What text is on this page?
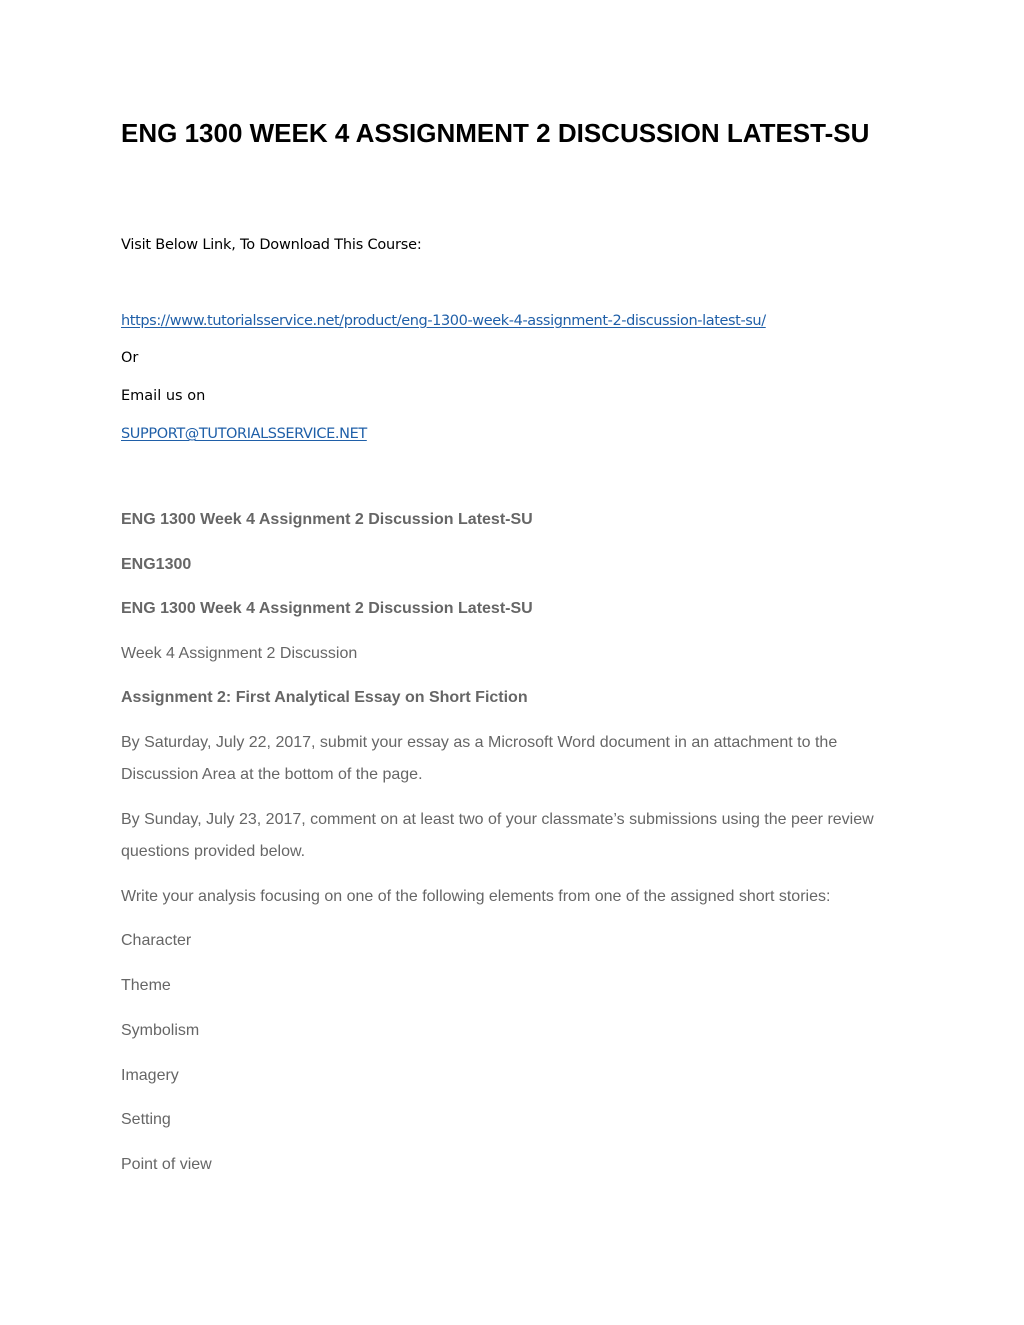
ENG 1300 WEEK 4 ASSIGNMENT 2 DISCUSSION LATEST-SU

Visit Below Link, To Download This Course:

https://www.tutorialsservice.net/product/eng-1300-week-4-assignment-2-discussion-latest-su/

Or

Email us on

SUPPORT@TUTORIALSSERVICE.NET

ENG 1300 Week 4 Assignment 2 Discussion Latest-SU

ENG1300

ENG 1300 Week 4 Assignment 2 Discussion Latest-SU

Week 4 Assignment 2 Discussion

Assignment 2: First Analytical Essay on Short Fiction

By Saturday, July 22, 2017, submit your essay as a Microsoft Word document in an attachment to the Discussion Area at the bottom of the page.

By Sunday, July 23, 2017, comment on at least two of your classmate’s submissions using the peer review questions provided below.

Write your analysis focusing on one of the following elements from one of the assigned short stories:

Character

Theme

Symbolism

Imagery

Setting

Point of view
